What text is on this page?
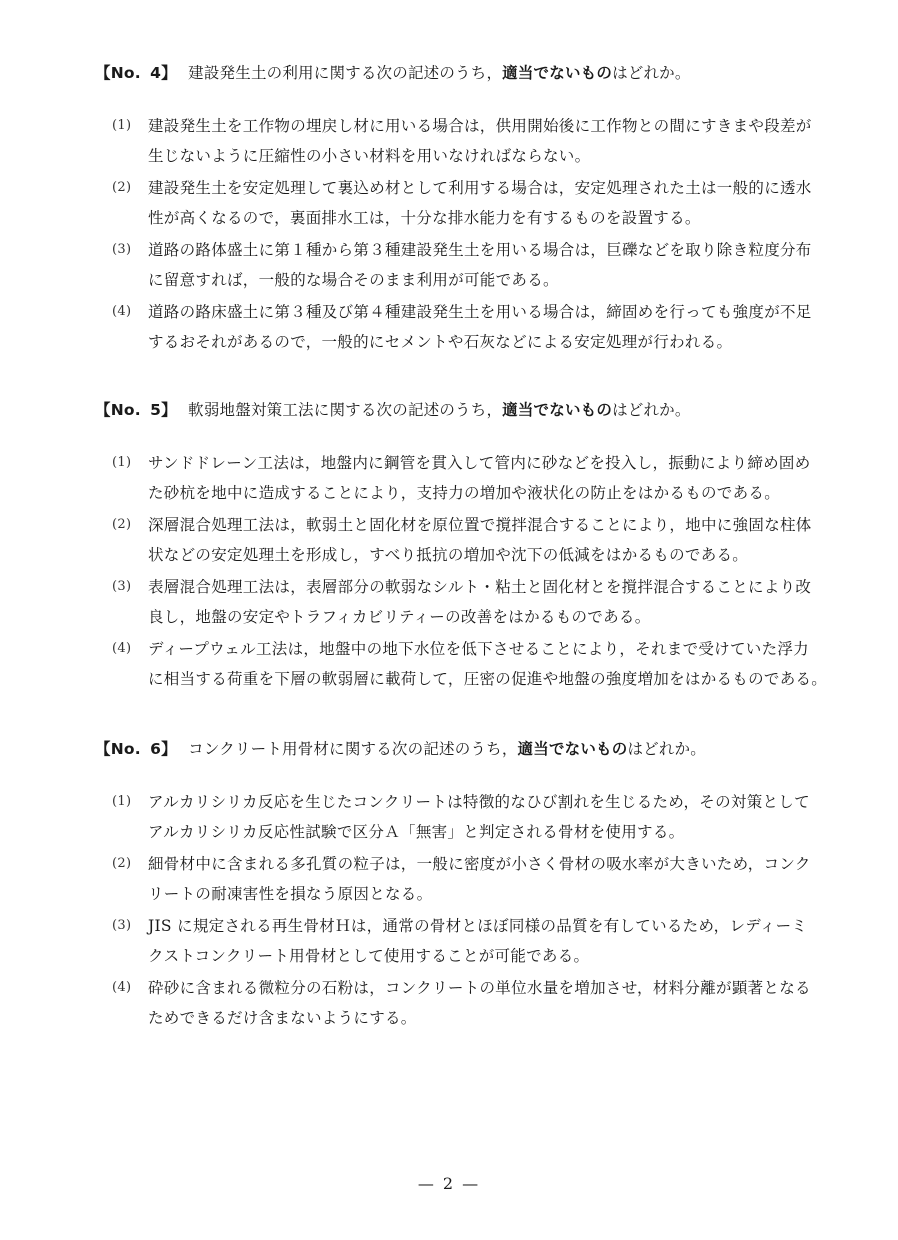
【No. 4】 建設発生土の利用に関する次の記述のうち，適当でないものはどれか。
(1) 建設発生土を工作物の埋戻し材に用いる場合は，供用開始後に工作物との間にすきまや段差が
生じないように圧縮性の小さい材料を用いなければならない。
(2) 建設発生土を安定処理して裏込め材として利用する場合は，安定処理された土は一般的に透水
性が高くなるので，裏面排水工は，十分な排水能力を有するものを設置する。
(3) 道路の路体盛土に第１種から第３種建設発生土を用いる場合は，巨礫などを取り除き粒度分布
に留意すれば，一般的な場合そのまま利用が可能である。
(4) 道路の路床盛土に第３種及び第４種建設発生土を用いる場合は，締固めを行っても強度が不足
するおそれがあるので，一般的にセメントや石灰などによる安定処理が行われる。
【No. 5】 軟弱地盤対策工法に関する次の記述のうち，適当でないものはどれか。
(1) サンドドレーン工法は，地盤内に鋼管を貫入して管内に砂などを投入し，振動により締め固め
た砂杭を地中に造成することにより，支持力の増加や液状化の防止をはかるものである。
(2) 深層混合処理工法は，軟弱土と固化材を原位置で撹拌混合することにより，地中に強固な柱体
状などの安定処理土を形成し，すべり抵抗の増加や沈下の低減をはかるものである。
(3) 表層混合処理工法は，表層部分の軟弱なシルト・粘土と固化材とを撹拌混合することにより改
良し，地盤の安定やトラフィカビリティーの改善をはかるものである。
(4) ディープウェル工法は，地盤中の地下水位を低下させることにより，それまで受けていた浮力
に相当する荷重を下層の軟弱層に載荷して，圧密の促進や地盤の強度増加をはかるものである。
【No. 6】 コンクリート用骨材に関する次の記述のうち，適当でないものはどれか。
(1) アルカリシリカ反応を生じたコンクリートは特徴的なひび割れを生じるため，その対策として
アルカリシリカ反応性試験で区分Ａ「無害」と判定される骨材を使用する。
(2) 細骨材中に含まれる多孔質の粒子は，一般に密度が小さく骨材の吸水率が大きいため，コンク
リートの耐凍害性を損なう原因となる。
(3) JIS に規定される再生骨材Ｈは，通常の骨材とほぼ同様の品質を有しているため，レディーミ
クストコンクリート用骨材として使用することが可能である。
(4) 砕砂に含まれる微粒分の石粉は，コンクリートの単位水量を増加させ，材料分離が顕著となる
ためできるだけ含まないようにする。
— 2 —
